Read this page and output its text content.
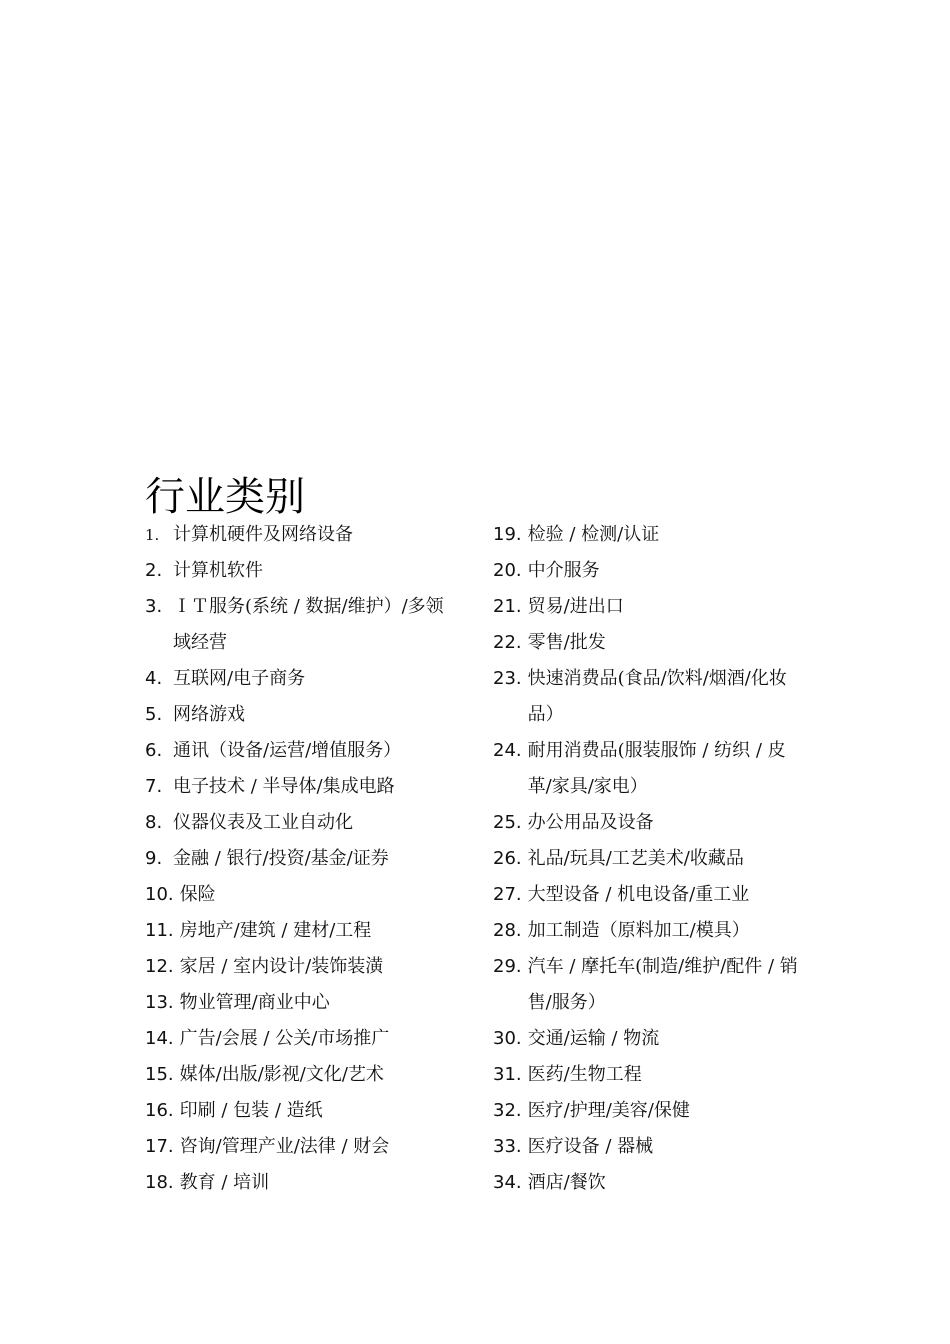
行业类别
1. 计算机硬件及网络设备
2. 计算机软件
3. ＩＴ服务(系统 / 数据/维护）/多领域经营
4. 互联网/电子商务
5. 网络游戏
6. 通讯（设备/运营/增值服务）
7. 电子技术 / 半导体/集成电路
8. 仪器仪表及工业自动化
9. 金融 / 银行/投资/基金/证券
10. 保险
11. 房地产/建筑 / 建材/工程
12. 家居 / 室内设计/装饰装潢
13. 物业管理/商业中心
14. 广告/会展 / 公关/市场推广
15. 媒体/出版/影视/文化/艺术
16. 印刷 / 包装 / 造纸
17. 咨询/管理产业/法律 / 财会
18. 教育 / 培训
19. 检验 / 检测/认证
20. 中介服务
21. 贸易/进出口
22. 零售/批发
23. 快速消费品(食品/饮料/烟酒/化妆品）
24. 耐用消费品(服装服饰 / 纺织 / 皮革/家具/家电）
25. 办公用品及设备
26. 礼品/玩具/工艺美术/收藏品
27. 大型设备 / 机电设备/重工业
28. 加工制造（原料加工/模具）
29. 汽车 / 摩托车(制造/维护/配件 / 销售/服务）
30. 交通/运输 / 物流
31. 医药/生物工程
32. 医疗/护理/美容/保健
33. 医疗设备 / 器械
34. 酒店/餐饮
